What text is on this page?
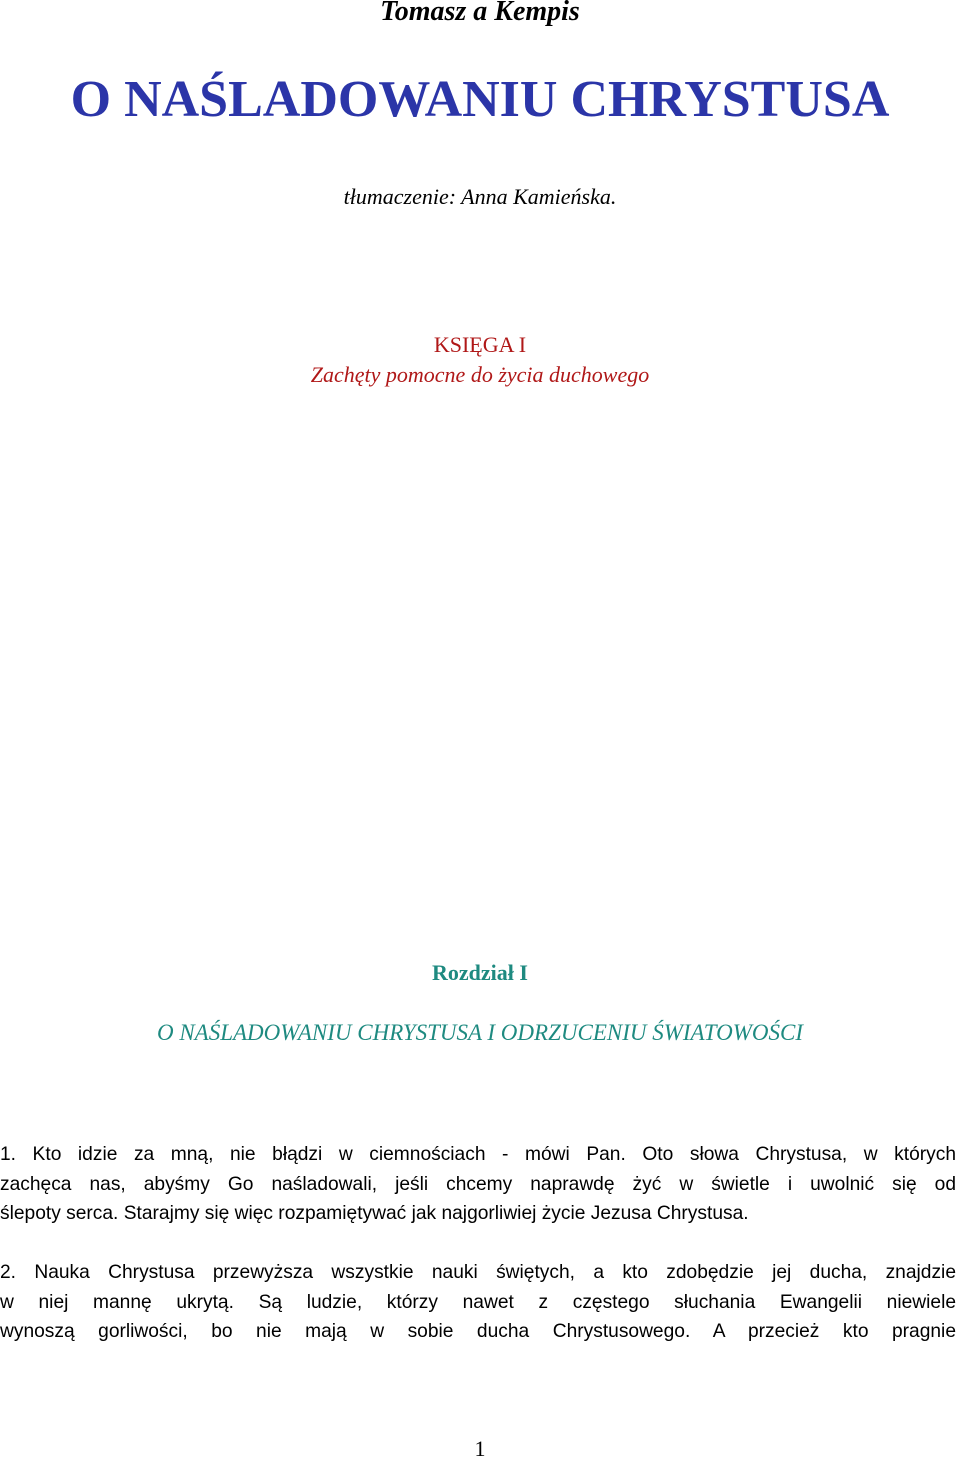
Tomasz a Kempis

O NAŚLADOWANIU CHRYSTUSA

tłumaczenie: Anna Kamieńska.

KSIĘGA I

Zachęty pomocne do życia duchowego

Rozdział I

O NAŚLADOWANIU CHRYSTUSA I ODRZUCENIU ŚWIATOWOŚCI

1. Kto idzie za mną, nie błądzi w ciemnościach - mówi Pan. Oto słowa Chrystusa, w których
zachęca nas, abyśmy Go naśladowali, jeśli chcemy naprawdę żyć w świetle i uwolnić się od
ślepoty serca. Starajmy się więc rozpamiętywać jak najgorliwiej życie Jezusa Chrystusa.
2. Nauka Chrystusa przewyższa wszystkie nauki świętych, a kto zdobędzie jej ducha, znajdzie
w niej mannę ukrytą. Są ludzie, którzy nawet z częstego słuchania Ewangelii niewiele
wynoszą gorliwości, bo nie mają w sobie ducha Chrystusowego. A przecież kto pragnie

1
